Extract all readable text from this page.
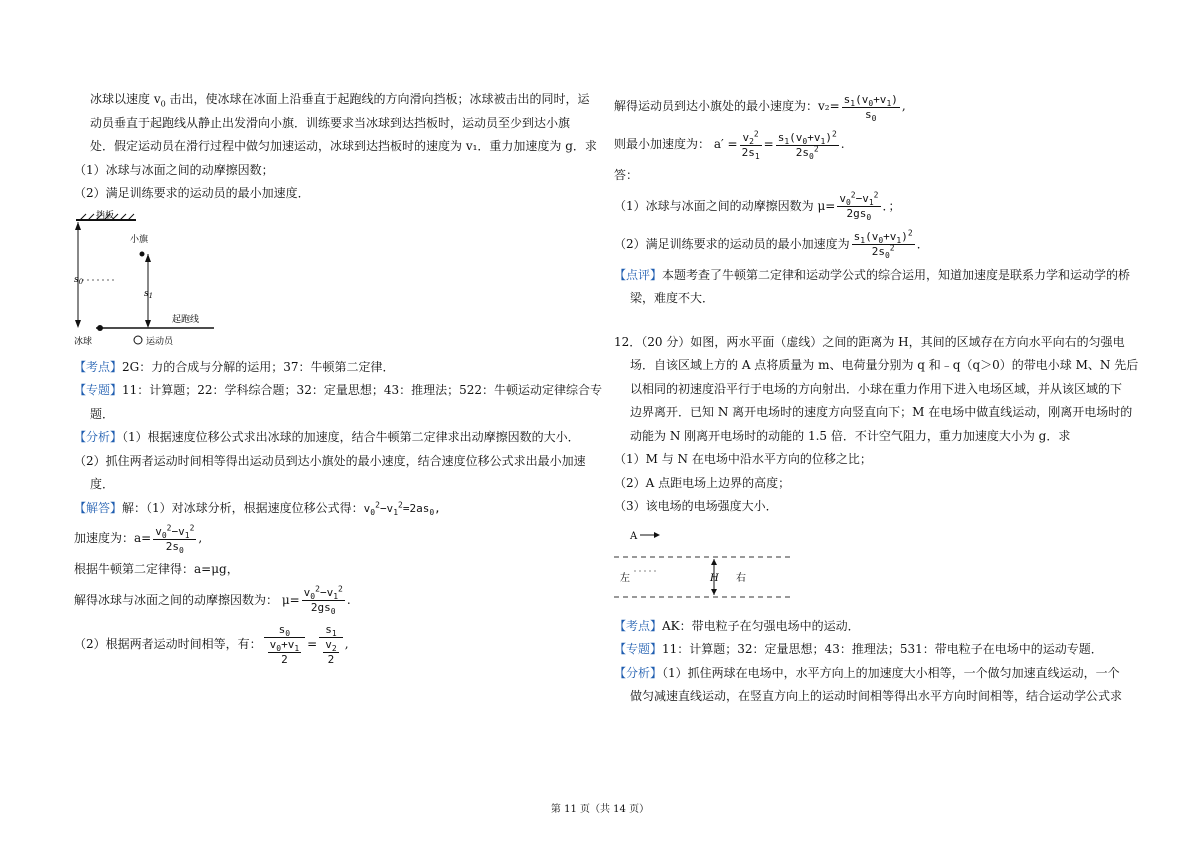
冰球以速度 $v_0$ 击出，使冰球在冰面上沿垂直于起跑线的方向滑向挡板；冰球被击出的同时，运
动员垂直于起跑线从静止出发滑向小旗．训练要求当冰球到达挡板时，运动员至少到达小旗
处．假定运动员在滑行过程中做匀加速运动，冰球到达挡板时的速度为 v₁．重力加速度为 g．求
（1）冰球与冰面之间的动摩擦因数；
（2）满足训练要求的运动员的最小加速度．
挡板
小旗
$s_0$
$s_1$
起跑线
冰球	运动员
【考点】2G：力的合成与分解的运用；37：牛顿第二定律．
【专题】11：计算题；22：学科综合题；32：定量思想；43：推理法；522：牛顿运动定律综合专
题．
【分析】（1）根据速度位移公式求出冰球的加速度，结合牛顿第二定律求出动摩擦因数的大小．
（2）抓住两者运动时间相等得出运动员到达小旗处的最小速度，结合速度位移公式求出最小加速
度．
【解答】解：（1）对冰球分析，根据速度位移公式得：$v_0^2-v_1^2=2as_0$,
加速度为：$a= \frac{v_0^2-v_1^2}{2s_0}$ ,
根据牛顿第二定律得：a=μg，
解得冰球与冰面之间的动摩擦因数为： $\mu= \frac{v_0^2-v_1^2}{2gs_0}$ .
（2）根据两者运动时间相等，有： $\frac{s_0}{\frac{v_0+v_1}{2}} = \frac{s_1}{\frac{v_2}{2}}$ ,
解得运动员到达小旗处的最小速度为：$v_2= \frac{s_1(v_0+v_1)}{s_0}$ ,
则最小加速度为： $a' = \frac{v_2^2}{2s_1} = \frac{s_1(v_0+v_1)^2}{2s_0^2}$ .
答：
（1）冰球与冰面之间的动摩擦因数为 $\mu= \frac{v_0^2-v_1^2}{2gs_0}$ ．；
（2）满足训练要求的运动员的最小加速度为 $\frac{s_1(v_0+v_1)^2}{2s_0^2}$ ．
【点评】本题考查了牛顿第二定律和运动学公式的综合运用，知道加速度是联系力学和运动学的桥
梁，难度不大．
12．（20 分）如图，两水平面（虚线）之间的距离为 H，其间的区域存在方向水平向右的匀强电
场．自该区域上方的 A 点将质量为 m、电荷量分别为 q 和﹣q（q＞0）的带电小球 M、N 先后
以相同的初速度沿平行于电场的方向射出．小球在重力作用下进入电场区域，并从该区域的下
边界离开．已知 N 离开电场时的速度方向竖直向下；M 在电场中做直线运动，刚离开电场时的
动能为 N 刚离开电场时的动能的 1.5 倍．不计空气阻力，重力加速度大小为 g．求
（1）M 与 N 在电场中沿水平方向的位移之比；
（2）A 点距电场上边界的高度；
（3）该电场的电场强度大小．
A
左	H 右
【考点】AK：带电粒子在匀强电场中的运动．
【专题】11：计算题；32：定量思想；43：推理法；531：带电粒子在电场中的运动专题．
【分析】（1）抓住两球在电场中，水平方向上的加速度大小相等，一个做匀加速直线运动，一个
做匀减速直线运动，在竖直方向上的运动时间相等得出水平方向时间相等，结合运动学公式求
第 11 页（共 14 页）
